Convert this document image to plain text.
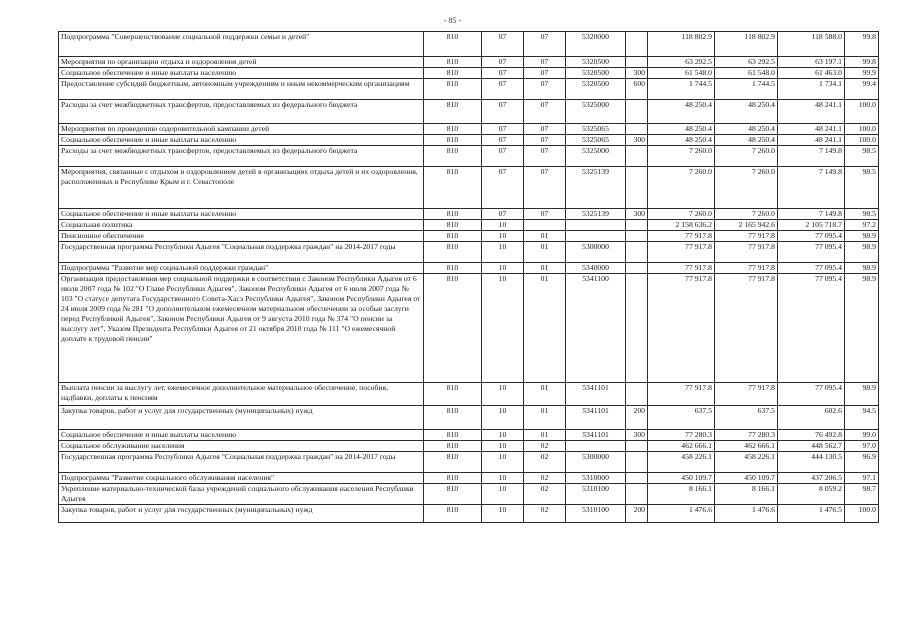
- 85 -
Подпрограмма "Совершенствование социальной поддержки семьи и детей"	810	07	07	5320000		118 802.9	118 802.9	118 588.0	99.8
Мероприятия по организации отдыха и оздоровления детей	810	07	07	5320500		63 292.5	63 292.5	63 197.1	99.8
Социальное обеспечение и иные выплаты населению	810	07	07	5320500	300	61 548.0	61 548.0	61 463.0	99.9
Предоставление субсидий бюджетным, автономным учреждениям и иным некоммерческим организациям	810	07	07	5320500	600	1 744.5	1 744.5	1 734.1	99.4
Расходы за счет межбюджетных трансфертов, предоставляемых из федерального бюджета	810	07	07	5325000		48 250.4	48 250.4	48 241.1	100.0
Мероприятия по проведению оздоровительной кампании детей	810	07	07	5325065		48 250.4	48 250.4	48 241.1	100.0
Социальное обеспечение и иные выплаты населению	810	07	07	5325065	300	48 250.4	48 250.4	48 241.1	100.0
Расходы за счет межбюджетных трансфертов, предоставляемых из федерального бюджета	810	07	07	5325000		7 260.0	7 260.0	7 149.8	98.5
Мероприятия, связанные с отдыхом и оздоровлением детей в организациях отдыха детей и их оздоровления, расположенных в Республике Крым и г. Севастополе	810	07	07	5325139		7 260.0	7 260.0	7 149.8	98.5
Социальное обеспечение и иные выплаты населению	810	07	07	5325139	300	7 260.0	7 260.0	7 149.8	98.5
Социальная политика	810	10				2 158 636.2	2 165 942.6	2 105 718.7	97.2
Пенсионное обеспечение	810	10	01			77 917.8	77 917.8	77 095.4	98.9
Государственная программа Республики Адыгея "Социальная поддержка граждан" на 2014-2017 годы	810	10	01	5300000		77 917.8	77 917.8	77 095.4	98.9
Подпрограмма "Развитие мер социальной поддержки граждан"	810	10	01	5340000		77 917.8	77 917.8	77 095.4	98.9
Организация предоставления мер социальной поддержки в соответствии с Законом Республики Адыгея от 6 июля 2007 года № 102 "О Главе Республики Адыгея", Законом Республики Адыгея от 6 июля 2007 года № 103 "О статусе депутата Государственного Совета-Хасэ Республики Адыгея", Законом Республики Адыгея от 24 июля 2009 года № 281 "О дополнительном ежемесячном материальном обеспечении за особые заслуги перед Республикой Адыгея", Законом Республики Адыгея от 9 августа 2010 года № 374 "О пенсии за выслугу лет", Указом Президента Республики Адыгея от 21 октября 2010 года № 111 "О ежемесячной доплате к трудовой пенсии"	810	10	01	5341100		77 917.8	77 917.8	77 095.4	98.9
Выплата пенсии за выслугу лет, ежемесячное дополнительное материальное обеспечение, пособия, надбавки, доплаты к пенсиям	810	10	01	5341101		77 917.8	77 917.8	77 095.4	98.9
Закупка товаров, работ и услуг для государственных (муниципальных) нужд	810	10	01	5341101	200	637.5	637.5	602.6	94.5
Социальное обеспечение и иные выплаты населению	810	10	01	5341101	300	77 280.3	77 280.3	76 492.8	99.0
Социальное обслуживание населения	810	10	02			462 666.1	462 666.1	448 562.7	97.0
Государственная программа Республики Адыгея "Социальная поддержка граждан" на 2014-2017 годы	810	10	02	5300000		458 226.1	458 226.1	444 130.5	96.9
Подпрограмма "Развитие социального обслуживания населения"	810	10	02	5310000		450 109.7	450 109.7	437 206.5	97.1
Укрепление материально-технической базы учреждений социального обслуживания населения Республики Адыгея	810	10	02	5310100		8 166.1	8 166.1	8 059.2	98.7
Закупка товаров, работ и услуг для государственных (муниципальных) нужд	810	10	02	5310100	200	1 476.6	1 476.6	1 476.5	100.0
